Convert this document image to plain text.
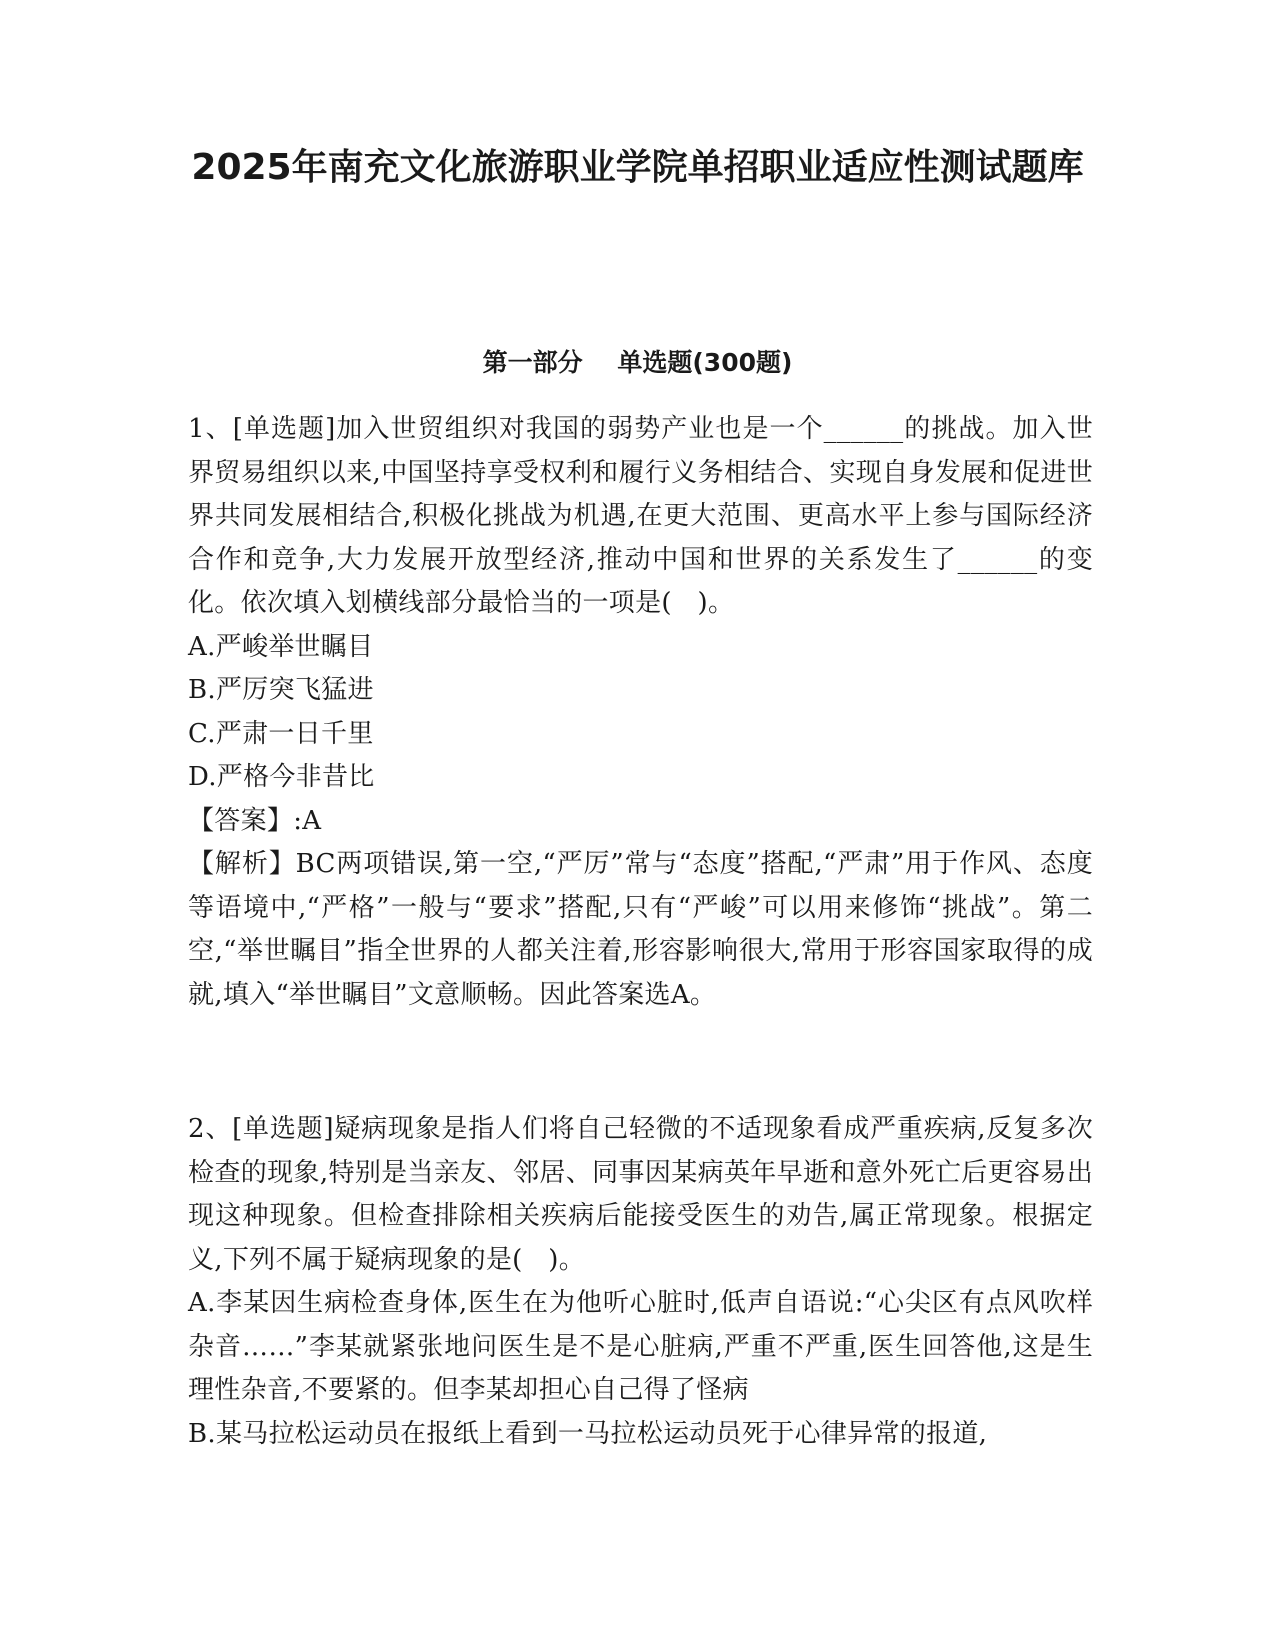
2025年南充文化旅游职业学院单招职业适应性测试题库
第一部分    单选题(300题)

1、[单选题]加入世贸组织对我国的弱势产业也是一个______的挑战。加入世界贸易组织以来,中国坚持享受权利和履行义务相结合、实现自身发展和促进世界共同发展相结合,积极化挑战为机遇,在更大范围、更高水平上参与国际经济合作和竞争,大力发展开放型经济,推动中国和世界的关系发生了______的变化。依次填入划横线部分最恰当的一项是(   )。

A.严峻举世瞩目

B.严厉突飞猛进

C.严肃一日千里

D.严格今非昔比

【答案】:A

【解析】BC两项错误,第一空,“严厉”常与“态度”搭配,“严肃”用于作风、态度等语境中,“严格”一般与“要求”搭配,只有“严峻”可以用来修饰“挑战”。第二空,“举世瞩目”指全世界的人都关注着,形容影响很大,常用于形容国家取得的成就,填入“举世瞩目”文意顺畅。因此答案选A。

2、[单选题]疑病现象是指人们将自己轻微的不适现象看成严重疾病,反复多次检查的现象,特别是当亲友、邻居、同事因某病英年早逝和意外死亡后更容易出现这种现象。但检查排除相关疾病后能接受医生的劝告,属正常现象。根据定义,下列不属于疑病现象的是(   )。

A.李某因生病检查身体,医生在为他听心脏时,低声自语说:“心尖区有点风吹样杂音……”李某就紧张地问医生是不是心脏病,严重不严重,医生回答他,这是生理性杂音,不要紧的。但李某却担心自己得了怪病

B.某马拉松运动员在报纸上看到一马拉松运动员死于心律异常的报道,
